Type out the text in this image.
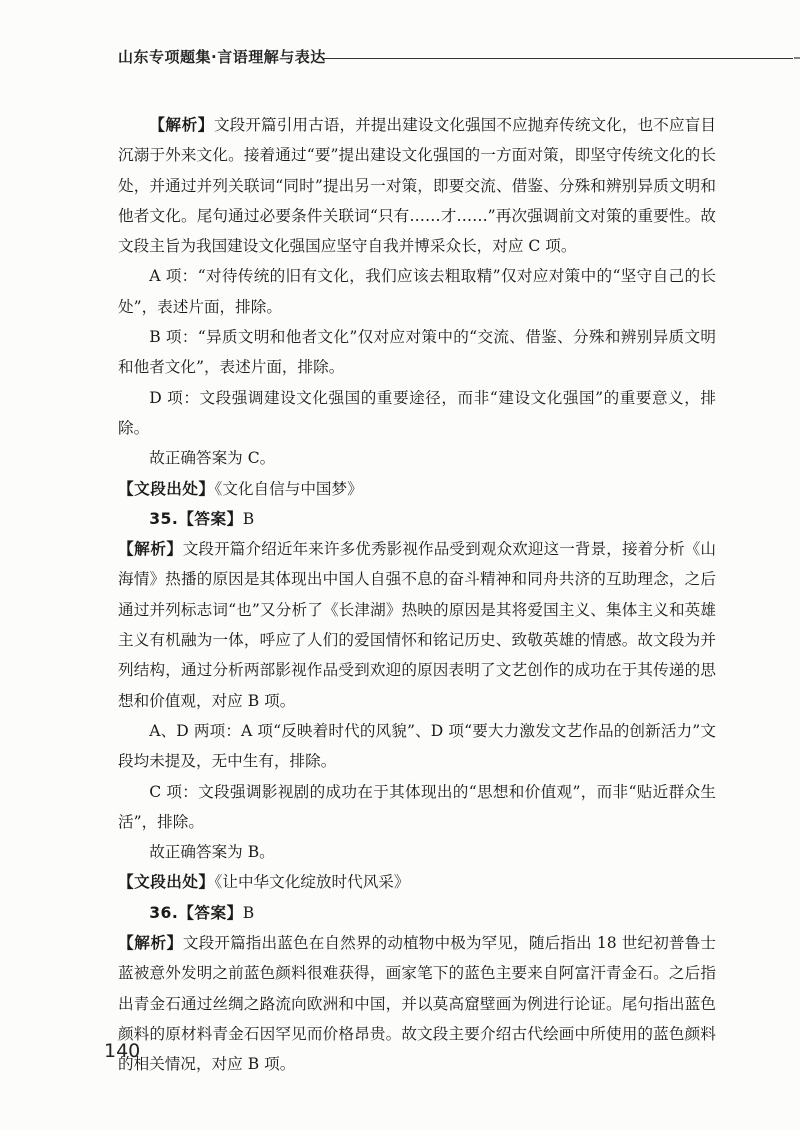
山东专项题集·言语理解与表达

【解析】文段开篇引用古语，并提出建设文化强国不应抛弃传统文化，也不应盲目沉溺于外来文化。接着通过“要”提出建设文化强国的一方面对策，即坚守传统文化的长处，并通过并列关联词“同时”提出另一对策，即要交流、借鉴、分殊和辨别异质文明和他者文化。尾句通过必要条件关联词“只有……才……”再次强调前文对策的重要性。故文段主旨为我国建设文化强国应坚守自我并博采众长，对应 C 项。

A 项：“对待传统的旧有文化，我们应该去粗取精”仅对应对策中的“坚守自己的长处”，表述片面，排除。

B 项：“异质文明和他者文化”仅对应对策中的“交流、借鉴、分殊和辨别异质文明和他者文化”，表述片面，排除。

D 项：文段强调建设文化强国的重要途径，而非“建设文化强国”的重要意义，排除。

故正确答案为 C。

【文段出处】《文化自信与中国梦》

35.【答案】B

【解析】文段开篇介绍近年来许多优秀影视作品受到观众欢迎这一背景，接着分析《山海情》热播的原因是其体现出中国人自强不息的奋斗精神和同舟共济的互助理念，之后通过并列标志词“也”又分析了《长津湖》热映的原因是其将爱国主义、集体主义和英雄主义有机融为一体，呼应了人们的爱国情怀和铭记历史、致敬英雄的情感。故文段为并列结构，通过分析两部影视作品受到欢迎的原因表明了文艺创作的成功在于其传递的思想和价值观，对应 B 项。

A、D 两项：A 项“反映着时代的风貌”、D 项“要大力激发文艺作品的创新活力”文段均未提及，无中生有，排除。

C 项：文段强调影视剧的成功在于其体现出的“思想和价值观”，而非“贴近群众生活”，排除。

故正确答案为 B。

【文段出处】《让中华文化绽放时代风采》

36.【答案】B

【解析】文段开篇指出蓝色在自然界的动植物中极为罕见，随后指出 18 世纪初普鲁士蓝被意外发明之前蓝色颜料很难获得，画家笔下的蓝色主要来自阿富汗青金石。之后指出青金石通过丝绸之路流向欧洲和中国，并以莫高窟壁画为例进行论证。尾句指出蓝色颜料的原材料青金石因罕见而价格昂贵。故文段主要介绍古代绘画中所使用的蓝色颜料的相关情况，对应 B 项。

140
